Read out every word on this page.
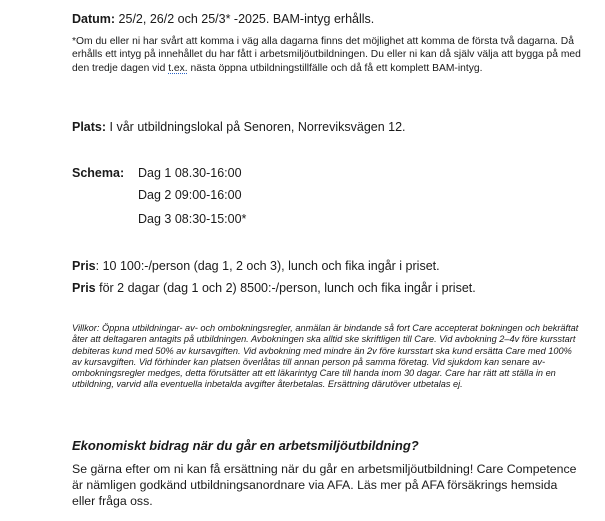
Datum: 25/2, 26/2 och 25/3* -2025. BAM-intyg erhålls.
*Om du eller ni har svårt att komma i väg alla dagarna finns det möjlighet att komma de första två dagarna. Då erhålls ett intyg på innehållet du har fått i arbetsmiljöutbildningen. Du eller ni kan då själv välja att bygga på med den tredje dagen vid t.ex. nästa öppna utbildningstillfälle och då få ett komplett BAM-intyg.
Plats: I vår utbildningslokal på Senoren, Norreviksvägen 12.
Schema: Dag 1 08.30-16:00
Dag 2 09:00-16:00
Dag 3 08:30-15:00*
Pris: 10 100:-/person (dag 1, 2 och 3), lunch och fika ingår i priset.
Pris för 2 dagar (dag 1 och 2) 8500:-/person, lunch och fika ingår i priset.
Villkor: Öppna utbildningar- av- och ombokningsregler, anmälan är bindande så fort Care accepterat bokningen och bekräftat åter att deltagaren antagits på utbildningen. Avbokningen ska alltid ske skriftligen till Care. Vid avbokning 2–4v före kursstart debiteras kund med 50% av kursavgiften. Vid avbokning med mindre än 2v före kursstart ska kund ersätta Care med 100% av kursavgiften. Vid förhinder kan platsen överlåtas till annan person på samma företag. Vid sjukdom kan senare av- ombokningsregler medges, detta förutsätter att ett läkarintyg Care till handa inom 30 dagar. Care har rätt att ställa in en utbildning, varvid alla eventuella inbetalda avgifter återbetalas. Ersättning därutöver utbetalas ej.
Ekonomiskt bidrag när du går en arbetsmiljöutbildning?
Se gärna efter om ni kan få ersättning när du går en arbetsmiljöutbildning! Care Competence är nämligen godkänd utbildningsanordnare via AFA. Läs mer på AFA försäkrings hemsida eller fråga oss.
